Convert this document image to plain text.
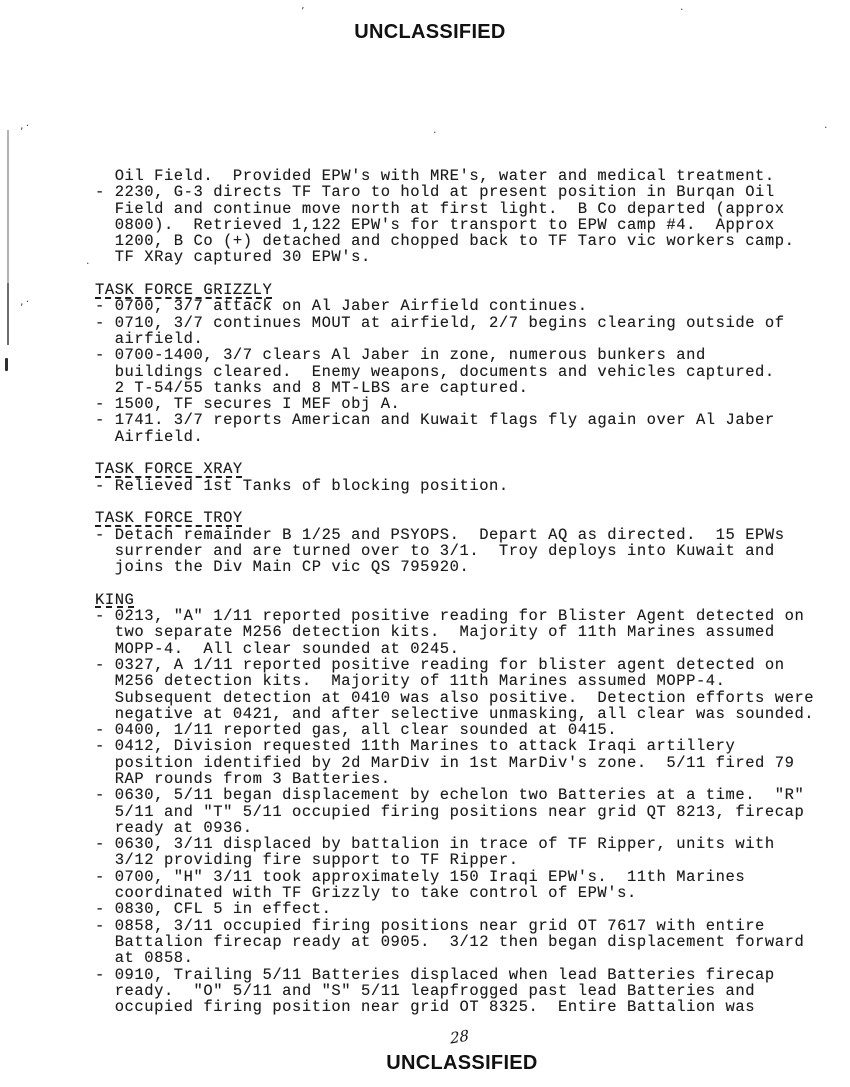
UNCLASSIFIED
Oil Field.  Provided EPW's with MRE's, water and medical treatment.
- 2230, G-3 directs TF Taro to hold at present position in Burqan Oil
Field and continue move north at first light.  B Co departed (approx
0800).  Retrieved 1,122 EPW's for transport to EPW camp #4.  Approx
1200, B Co (+) detached and chopped back to TF Taro vic workers camp.
TF XRay captured 30 EPW's.
TASK FORCE GRIZZLY
- 0700, 3/7 attack on Al Jaber Airfield continues.
- 0710, 3/7 continues MOUT at airfield, 2/7 begins clearing outside of
airfield.
- 0700-1400, 3/7 clears Al Jaber in zone, numerous bunkers and
buildings cleared.  Enemy weapons, documents and vehicles captured.
2 T-54/55 tanks and 8 MT-LBS are captured.
- 1500, TF secures I MEF obj A.
- 1741. 3/7 reports American and Kuwait flags fly again over Al Jaber
Airfield.
TASK FORCE XRAY
- Relieved 1st Tanks of blocking position.
TASK FORCE TROY
- Detach remainder B 1/25 and PSYOPS.  Depart AQ as directed.  15 EPWs
surrender and are turned over to 3/1.  Troy deploys into Kuwait and
joins the Div Main CP vic QS 795920.
KING
- 0213, "A" 1/11 reported positive reading for Blister Agent detected on
two separate M256 detection kits.  Majority of 11th Marines assumed
MOPP-4.  All clear sounded at 0245.
- 0327, A 1/11 reported positive reading for blister agent detected on
M256 detection kits.  Majority of 11th Marines assumed MOPP-4.
Subsequent detection at 0410 was also positive.  Detection efforts were
negative at 0421, and after selective unmasking, all clear was sounded.
- 0400, 1/11 reported gas, all clear sounded at 0415.
- 0412, Division requested 11th Marines to attack Iraqi artillery
position identified by 2d MarDiv in 1st MarDiv's zone.  5/11 fired 79
RAP rounds from 3 Batteries.
- 0630, 5/11 began displacement by echelon two Batteries at a time.  "R"
5/11 and "T" 5/11 occupied firing positions near grid QT 8213, firecap
ready at 0936.
- 0630, 3/11 displaced by battalion in trace of TF Ripper, units with
3/12 providing fire support to TF Ripper.
- 0700, "H" 3/11 took approximately 150 Iraqi EPW's.  11th Marines
coordinated with TF Grizzly to take control of EPW's.
- 0830, CFL 5 in effect.
- 0858, 3/11 occupied firing positions near grid OT 7617 with entire
Battalion firecap ready at 0905.  3/12 then began displacement forward
at 0858.
- 0910, Trailing 5/11 Batteries displaced when lead Batteries firecap
ready.  "O" 5/11 and "S" 5/11 leapfrogged past lead Batteries and
occupied firing position near grid OT 8325.  Entire Battalion was
28
UNCLASSIFIED
’	·
, ·
, ·
·	·
·
